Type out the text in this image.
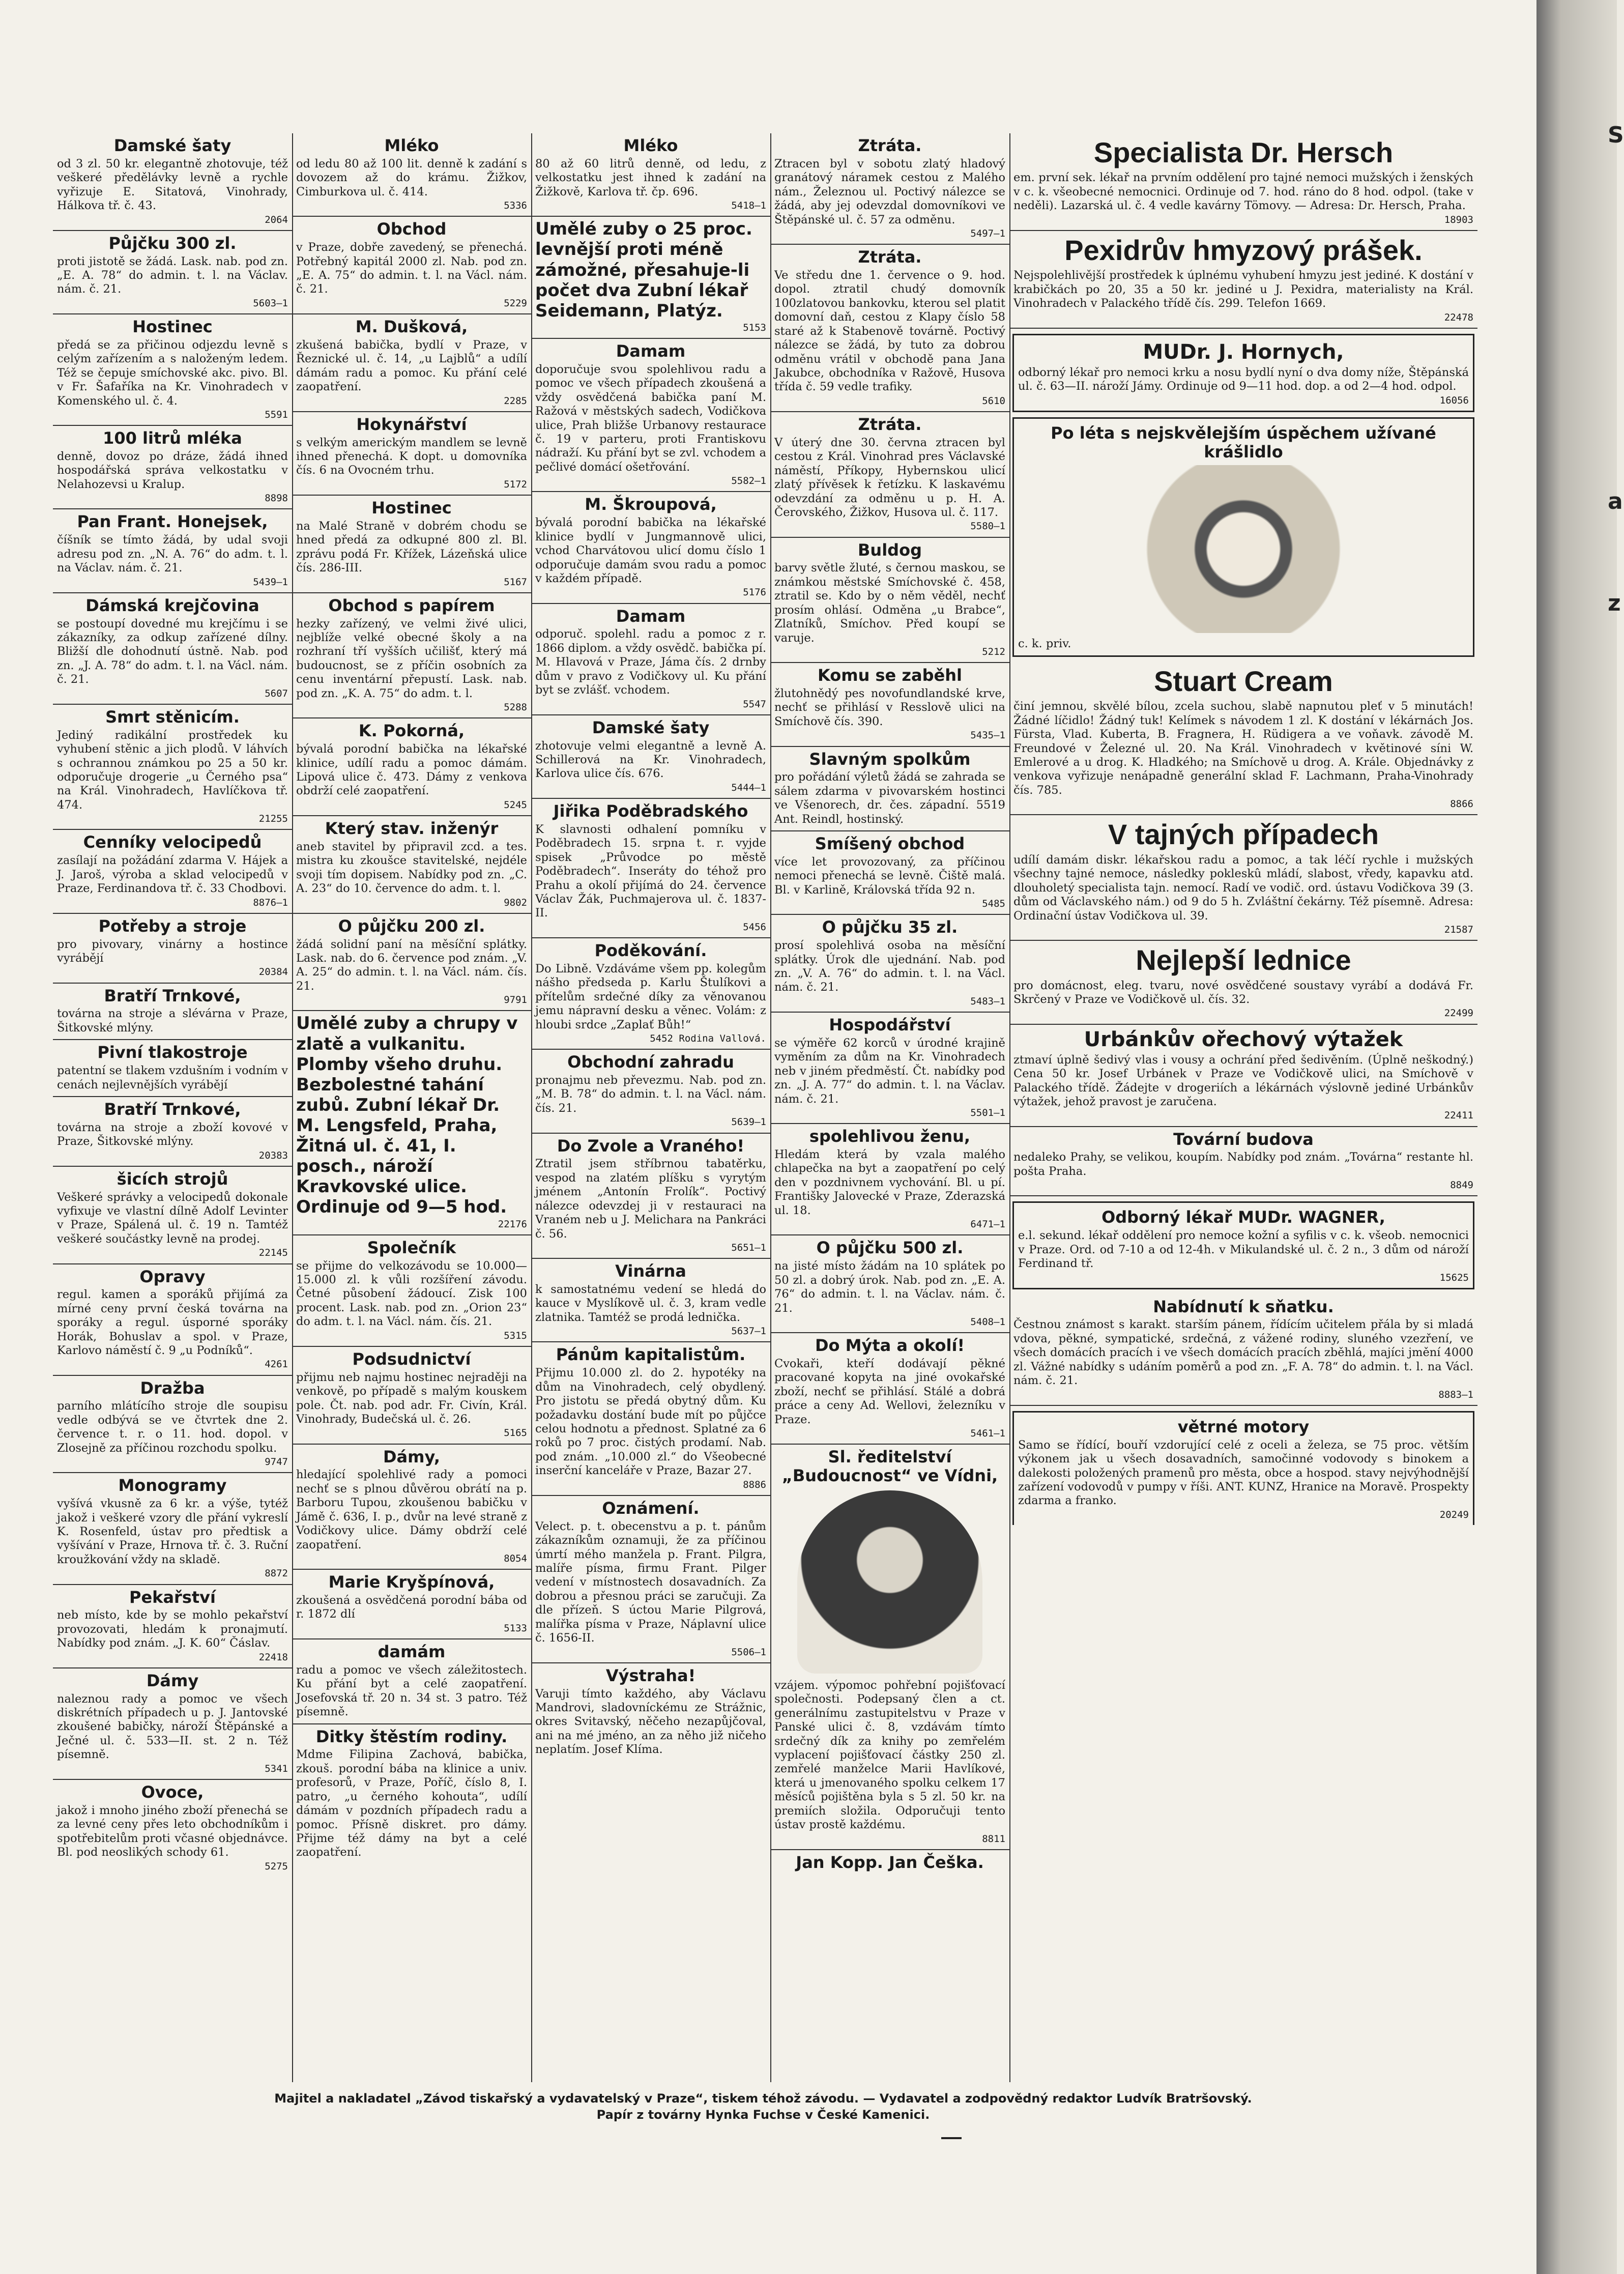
Damské šaty
od 3 zl. 50 kr. elegantně zhotovuje, též veškeré předělávky levně a rychle vyřizuje E. Sitatová, Vinohrady, Hálkova tř. č. 43.
2064
Půjčku 300 zl.
proti jistotě se žádá. Lask. nab. pod zn. „E. A. 78“ do admin. t. l. na Václav. nám. č. 21.
5603—1
Hostinec
předá se za přičinou odjezdu levně s celým zařízením a s naloženým ledem. Též se čepuje smíchovské akc. pivo. Bl. v Fr. Šafaříka na Kr. Vinohradech v Komenského ul. č. 4.
5591
100 litrů mléka
denně, dovoz po dráze, žádá ihned hospodářská správa velkostatku v Nelahozevsi u Kralup.
8898
Pan Frant. Honejsek,
číšník se tímto žádá, by udal svoji adresu pod zn. „N. A. 76“ do adm. t. l. na Václav. nám. č. 21.
5439—1
Dámská krejčovina
se postoupí dovedné mu krejčímu i se zákazníky, za odkup zařízené dílny. Bližší dle dohodnutí ústně. Nab. pod zn. „J. A. 78“ do adm. t. l. na Václ. nám. č. 21.
5607
Smrt stěnicím.
Jediný radikální prostředek ku vyhubení stěnic a jich plodů. V láhvích s ochrannou známkou po 25 a 50 kr. odporučuje drogerie „u Černého psa“ na Král. Vinohradech, Havlíčkova tř. 474.
21255
Cenníky velocipedů
zasílají na požádání zdarma V. Hájek a J. Jaroš, výroba a sklad velocipedů v Praze, Ferdinandova tř. č. 33 Chodbovi.
8876—1
Potřeby a stroje
pro pivovary, vinárny a hostince vyrábějí
20384
Bratří Trnkové,
továrna na stroje a slévárna v Praze, Šitkovské mlýny.
Pivní tlakostroje
patentní se tlakem vzdušním i vodním v cenách nejlevnějších vyrábějí
Bratří Trnkové,
továrna na stroje a zboží kovové v Praze, Šitkovské mlýny.
20383
šicích strojů
Veškeré správky a velocipedů dokonale vyfixuje ve vlastní dílně Adolf Levinter v Praze, Spálená ul. č. 19 n. Tamtéž veškeré součástky levně na prodej.
22145
Opravy
regul. kamen a sporáků přijímá za mírné ceny první česká továrna na sporáky a regul. úsporné sporáky Horák, Bohuslav a spol. v Praze, Karlovo náměstí č. 9 „u Podníků“.
4261
Dražba
parního mlátícího stroje dle soupisu vedle odbývá se ve čtvrtek dne 2. července t. r. o 11. hod. dopol. v Zlosejně za příčinou rozchodu spolku.
9747
Monogramy
vyšívá vkusně za 6 kr. a výše, tytéž jakož i veškeré vzory dle přání vykreslí K. Rosenfeld, ústav pro předtisk a vyšívání v Praze, Hrnova tř. č. 3. Ruční kroužkování vždy na skladě.
8872
Pekařství
neb místo, kde by se mohlo pekařství provozovati, hledám k pronajmutí. Nabídky pod znám. „J. K. 60“ Čáslav.
22418
Dámy
naleznou rady a pomoc ve všech diskrétních případech u p. J. Jantovské zkoušené babičky, nároží Štěpánské a Ječné ul. č. 533—II. st. 2 n. Též písemně.
5341
Ovoce,
jakož i mnoho jiného zboží přenechá se za levné ceny přes leto obchodníkům i spotřebitelům proti včasné objednávce. Bl. pod neoslikých schody 61.
5275
Mléko
od ledu 80 až 100 lit. denně k zadání s dovozem až do krámu. Žižkov, Cimburkova ul. č. 414.
5336
Obchod
v Praze, dobře zavedený, se přenechá. Potřebný kapitál 2000 zl. Nab. pod zn. „E. A. 75“ do admin. t. l. na Václ. nám. č. 21.
5229
M. Dušková,
zkušená babička, bydlí v Praze, v Řeznické ul. č. 14, „u Lajblů“ a udílí dámám radu a pomoc. Ku přání celé zaopatření.
2285
Hokynářství
s velkým americkým mandlem se levně ihned přenechá. K dopt. u domovníka čís. 6 na Ovocném trhu.
5172
Hostinec
na Malé Straně v dobrém chodu se hned předá za odkupné 800 zl. Bl. zprávu podá Fr. Křížek, Lázeňská ulice čís. 286-III.
5167
Obchod s papírem
hezky zařízený, ve velmi živé ulici, nejblíže velké obecné školy a na rozhraní tří vyšších učilišť, který má budoucnost, se z příčin osobních za cenu inventární přepustí. Lask. nab. pod zn. „K. A. 75“ do adm. t. l.
5288
K. Pokorná,
bývalá porodní babička na lékařské klinice, udílí radu a pomoc dámám. Lipová ulice č. 473. Dámy z venkova obdrží celé zaopatření.
5245
Který stav. inženýr
aneb stavitel by připravil zcd. a tes. mistra ku zkoušce stavitelské, nejdéle svoji tím dopisem. Nabídky pod zn. „C. A. 23“ do 10. července do adm. t. l.
9802
O půjčku 200 zl.
žádá solidní paní na měsíční splátky. Lask. nab. do 6. července pod znám. „V. A. 25“ do admin. t. l. na Václ. nám. čís. 21.
9791
Umělé zuby a chrupy v zlatě a vulkanitu. Plomby všeho druhu. Bezbolestné tahání zubů. Zubní lékař Dr. M. Lengsfeld, Praha, Žitná ul. č. 41, I. posch., nároží Kravkovské ulice. Ordinuje od 9—5 hod.
22176
Společník
se přijme do velkozávodu se 10.000—15.000 zl. k vůli rozšíření závodu. Četné působení žádoucí. Zisk 100 procent. Lask. nab. pod zn. „Orion 23“ do adm. t. l. na Václ. nám. čís. 21.
5315
Podsudnictví
přijmu neb najmu hostinec nejraději na venkově, po případě s malým kouskem pole. Čt. nab. pod adr. Fr. Civín, Král. Vinohrady, Budečská ul. č. 26.
5165
Dámy,
hledající spolehlivé rady a pomoci nechť se s plnou důvěrou obrátí na p. Barboru Tupou, zkoušenou babičku v Jámě č. 636, I. p., dvůr na levé straně z Vodičkovy ulice. Dámy obdrží celé zaopatření.
8054
Marie Kryšpínová,
zkoušená a osvědčená porodní bába od r. 1872 dlí
5133
damám
radu a pomoc ve všech záležitostech. Ku přání byt a celé zaopatření. Josefovská tř. 20 n. 34 st. 3 patro. Též písemně.
Ditky štěstím rodiny.
Mdme Filipina Zachová, babička, zkouš. porodní bába na klinice a univ. profesorů, v Praze, Poříč, číslo 8, I. patro, „u černého kohouta“, udílí dámám v pozdních případech radu a pomoc. Přísně diskret. pro dámy. Přijme též dámy na byt a celé zaopatření.
Mléko
80 až 60 litrů denně, od ledu, z velkostatku jest ihned k zadání na Žižkově, Karlova tř. čp. 696.
5418—1
Umělé zuby o 25 proc. levnější proti méně zámožné, přesahuje-li počet dva Zubní lékař Seidemann, Platýz.
5153
Damam
doporučuje svou spolehlivou radu a pomoc ve všech případech zkoušená a vždy osvědčená babička paní M. Ražová v městských sadech, Vodičkova ulice, Prah bližše Urbanovy restaurace č. 19 v parteru, proti Frantiskovu nádraží. Ku přání byt se zvl. vchodem a pečlivé domácí ošetřování.
5582—1
M. Škroupová,
bývalá porodní babička na lékařské klinice bydlí v Jungmannově ulici, vchod Charvátovou ulicí domu číslo 1 odporučuje damám svou radu a pomoc v každém případě.
5176
Damam
odporuč. spolehl. radu a pomoc z r. 1866 diplom. a vždy osvědč. babička pí. M. Hlavová v Praze, Jáma čís. 2 drnby dům v pravo z Vodičkovy ul. Ku přání byt se zvlášť. vchodem.
5547
Damské šaty
zhotovuje velmi elegantně a levně A. Schillerová na Kr. Vinohradech, Karlova ulice čís. 676.
5444—1
Jiřika Poděbradského
K slavnosti odhalení pomníku v Poděbradech 15. srpna t. r. vyjde spisek „Průvodce po městě Poděbradech“. Inseráty do téhož pro Prahu a okolí přijímá do 24. července Václav Žák, Puchmajerova ul. č. 1837-II.
5456
Poděkování.
Do Libně. Vzdáváme všem pp. kolegům nášho předseda p. Karlu Štulíkovi a přítelům srdečné díky za věnovanou jemu nápravní desku a věnec. Volám: z hloubi srdce „Zaplať Bůh!“
5452 Rodina Vallová.
Obchodní zahradu
pronajmu neb převezmu. Nab. pod zn. „M. B. 78“ do admin. t. l. na Václ. nám. čís. 21.
5639—1
Do Zvole a Vraného!
Ztratil jsem stříbrnou tabatěrku, vespod na zlatém plíšku s vyrytým jménem „Antonín Frolík“. Poctivý nálezce odevzdej ji v restauraci na Vraném neb u J. Melichara na Pankráci č. 56.
5651—1
Vinárna
k samostatnému vedení se hledá do kauce v Myslíkově ul. č. 3, kram vedle zlatnika. Tamtéž se prodá lednička.
5637—1
Pánům kapitalistům.
Přijmu 10.000 zl. do 2. hypotéky na dům na Vinohradech, celý obydlený. Pro jistotu se předá obytný dům. Ku požadavku dostání bude mít po půjčce celou hodnotu a přednost. Splatné za 6 roků po 7 proc. čistých prodamí. Nab. pod znám. „10.000 zl.“ do Všeobecné inserční kanceláře v Praze, Bazar 27.
8886
Oznámení.
Velect. p. t. obecenstvu a p. t. pánům zákazníkům oznamuji, že za příčinou úmrtí mého manžela p. Frant. Pilgra, malíře písma, firmu Frant. Pilger vedení v místnostech dosavadních. Za dobrou a přesnou práci se zaručuji. Za dle přízeň. S úctou Marie Pilgrová, malířka písma v Praze, Náplavní ulice č. 1656-II.
5506—1
Výstraha!
Varuji tímto každého, aby Václavu Mandrovi, sladovníckému ze Strážnic, okres Svitavský, něčeho nezapůjčoval, ani na mé jméno, an za něho již ničeho neplatím. Josef Klíma.
Ztráta.
Ztracen byl v sobotu zlatý hladový granátový náramek cestou z Malého nám., Železnou ul. Poctivý nálezce se žádá, aby jej odevzdal domovníkovi ve Štěpánské ul. č. 57 za odměnu.
5497—1
Ztráta.
Ve středu dne 1. července o 9. hod. dopol. ztratil chudý domovník 100zlatovou bankovku, kterou sel platit domovní daň, cestou z Klapy číslo 58 staré až k Stabenově továrně. Poctivý nálezce se žádá, by tuto za dobrou odměnu vrátil v obchodě pana Jana Jakubce, obchodníka v Ražově, Husova třída č. 59 vedle trafiky.
5610
Ztráta.
V úterý dne 30. června ztracen byl cestou z Král. Vinohrad pres Václavské náměstí, Příkopy, Hybernskou ulicí zlatý přívěsek k řetízku. K laskavému odevzdání za odměnu u p. H. A. Čerovského, Žižkov, Husova ul. č. 117.
5580—1
Buldog
barvy světle žluté, s černou maskou, se známkou městské Smíchovské č. 458, ztratil se. Kdo by o něm věděl, nechť prosím ohlásí. Odměna „u Brabce“, Zlatníků, Smíchov. Před koupí se varuje.
5212
Komu se zaběhl
žlutohnědý pes novofundlandské krve, nechť se přihlásí v Resslově ulici na Smíchově čís. 390.
5435—1
Slavným spolkům
pro pořádání výletů žádá se zahrada se sálem zdarma v pivovarském hostinci ve Všenorech, dr. čes. západní. 5519 Ant. Reindl, hostinský.
Smíšený obchod
více let provozovaný, za příčinou nemoci přenechá se levně. Čiště malá. Bl. v Karlině, Královská třída 92 n.
5485
O půjčku 35 zl.
prosí spolehlivá osoba na měsíční splátky. Úrok dle ujednání. Nab. pod zn. „V. A. 76“ do admin. t. l. na Václ. nám. č. 21.
5483—1
Hospodářství
se výměře 62 korců v úrodné krajině vyměním za dům na Kr. Vinohradech neb v jiném předměstí. Čt. nabídky pod zn. „J. A. 77“ do admin. t. l. na Václav. nám. č. 21.
5501—1
spolehlivou ženu,
Hledám která by vzala malého chlapečka na byt a zaopatření po celý den v pozdnivnem vychování. Bl. u pí. Františky Jalovecké v Praze, Zderazská ul. 18.
6471—1
O půjčku 500 zl.
na jisté místo žádám na 10 splátek po 50 zl. a dobrý úrok. Nab. pod zn. „E. A. 76“ do admin. t. l. na Václav. nám. č. 21.
5408—1
Do Mýta a okolí!
Cvokaři, kteří dodávají pěkné pracované kopyta na jiné ovokařské zboží, nechť se přihlásí. Stálé a dobrá práce a ceny Ad. Wellovi, železníku v Praze.
5461—1
Sl. ředitelství „Budoucnost“ ve Vídni,
vzájem. výpomoc pohřební pojišťovací společnosti. Podepsaný člen a ct. generálnímu zastupitelstvu v Praze v Panské ulici č. 8, vzdávám tímto srdečný dík za knihy po zemřelém vyplacení pojišťovací částky 250 zl. zemřelé manželce Marii Havlíkové, která u jmenovaného spolku celkem 17 měsíců pojištěna byla s 5 zl. 50 kr. na premiích složila. Odporučuji tento ústav prostě každému.
8811
Jan Kopp. Jan Češka.
Specialista Dr. Hersch
em. první sek. lékař na prvním oddělení pro tajné nemoci mužských i ženských v c. k. všeobecné nemocnici. Ordinuje od 7. hod. ráno do 8 hod. odpol. (take v neděli). Lazarská ul. č. 4 vedle kavárny Tömovy. — Adresa: Dr. Hersch, Praha.
18903
Pexidrův hmyzový prášek.
Nejspolehlivější prostředek k úplnému vyhubení hmyzu jest jediné. K dostání v krabičkách po 20, 35 a 50 kr. jediné u J. Pexidra, materialisty na Král. Vinohradech v Palackého třídě čís. 299. Telefon 1669.
22478
MUDr. J. Hornych,
odborný lékař pro nemoci krku a nosu bydlí nyní o dva domy níže, Štěpánská ul. č. 63—II. nároží Jámy. Ordinuje od 9—11 hod. dop. a od 2—4 hod. odpol.
16056
Po léta s nejskvělejším úspěchem užívané krášlidlo
c. k. priv.
Stuart Cream
činí jemnou, skvělé bílou, zcela suchou, slabě napnutou pleť v 5 minutách! Žádné líčidlo! Žádný tuk! Kelímek s návodem 1 zl. K dostání v lékárnách Jos. Fürsta, Vlad. Kuberta, B. Fragnera, H. Rüdigera a ve voňavk. závodě M. Freundové v Železné ul. 20. Na Král. Vinohradech v květinové síni W. Emlerové a u drog. K. Hladkého; na Smíchově u drog. A. Krále. Objednávky z venkova vyřizuje nenápadně generální sklad F. Lachmann, Praha-Vinohrady čís. 785.
8866
V tajných případech
udílí damám diskr. lékařskou radu a pomoc, a tak léčí rychle i mužských všechny tajné nemoce, následky pokleskû mládí, slabost, vředy, kapavku atd. dlouholetý specialista tajn. nemocí. Radí ve vodič. ord. ústavu Vodičkova 39 (3. dům od Václavského nám.) od 9 do 5 h. Zvláštní čekárny. Též písemně. Adresa: Ordinační ústav Vodičkova ul. 39.
21587
Nejlepší lednice
pro domácnost, eleg. tvaru, nové osvědčené soustavy vyrábí a dodává Fr. Skrčený v Praze ve Vodičkově ul. čís. 32.
22499
Urbánkův ořechový výtažek
ztmaví úplně šedivý vlas i vousy a ochrání před šedivěním. (Úplně neškodný.) Cena 50 kr. Josef Urbánek v Praze ve Vodičkově ulici, na Smíchově v Palackého třídě. Žádejte v drogeriích a lékárnách výslovně jediné Urbánkův výtažek, jehož pravost je zaručena.
22411
Tovární budova
nedaleko Prahy, se velikou, koupím. Nabídky pod znám. „Továrna“ restante hl. pošta Praha.
8849
Odborný lékař MUDr. WAGNER,
e.l. sekund. lékař oddělení pro nemoce kožní a syfilis v c. k. všeob. nemocnici v Praze. Ord. od 7-10 a od 12-4h. v Mikulandské ul. č. 2 n., 3 dům od nároží Ferdinand tř.
15625
Nabídnutí k sňatku.
Čestnou známost s karakt. starším pánem, řídícím učitelem přála by si mladá vdova, pěkné, sympatické, srdečná, z vážené rodiny, sluného vzezření, ve všech domácích pracích i ve všech domácích pracích zběhlá, majíci jmění 4000 zl. Vážné nabídky s udáním poměrů a pod zn. „F. A. 78“ do admin. t. l. na Václ. nám. č. 21.
8883—1
větrné motory
Samo se řídící, bouří vzdorující celé z oceli a železa, se 75 proc. větším výkonem jak u všech dosavadních, samočinné vodovody s binokem a dalekosti položených pramenů pro města, obce a hospod. stavy nejvýhodnější zařízení vodovodů v pumpy v říši. ANT. KUNZ, Hranice na Moravě. Prospekty zdarma a franko.
20249
Majitel a nakladatel „Závod tiskařský a vydavatelský v Praze“, tiskem téhož závodu. — Vydavatel a zodpovědný redaktor Ludvík Bratršovský.
Papír z továrny Hynka Fuchse v České Kamenici.
S
a
z
